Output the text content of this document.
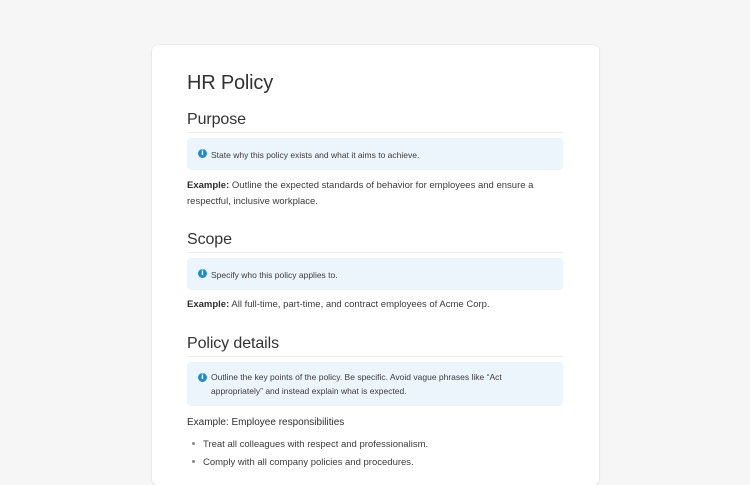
HR Policy
Purpose
i State why this policy exists and what it aims to achieve.
Example: Outline the expected standards of behavior for employees and ensure a respectful, inclusive workplace.
Scope
i Specify who this policy applies to.
Example: All full-time, part-time, and contract employees of Acme Corp.
Policy details
i Outline the key points of the policy. Be specific. Avoid vague phrases like “Act appropriately” and instead explain what is expected.
Example: Employee responsibilities
Treat all colleagues with respect and professionalism.
Comply with all company policies and procedures.
